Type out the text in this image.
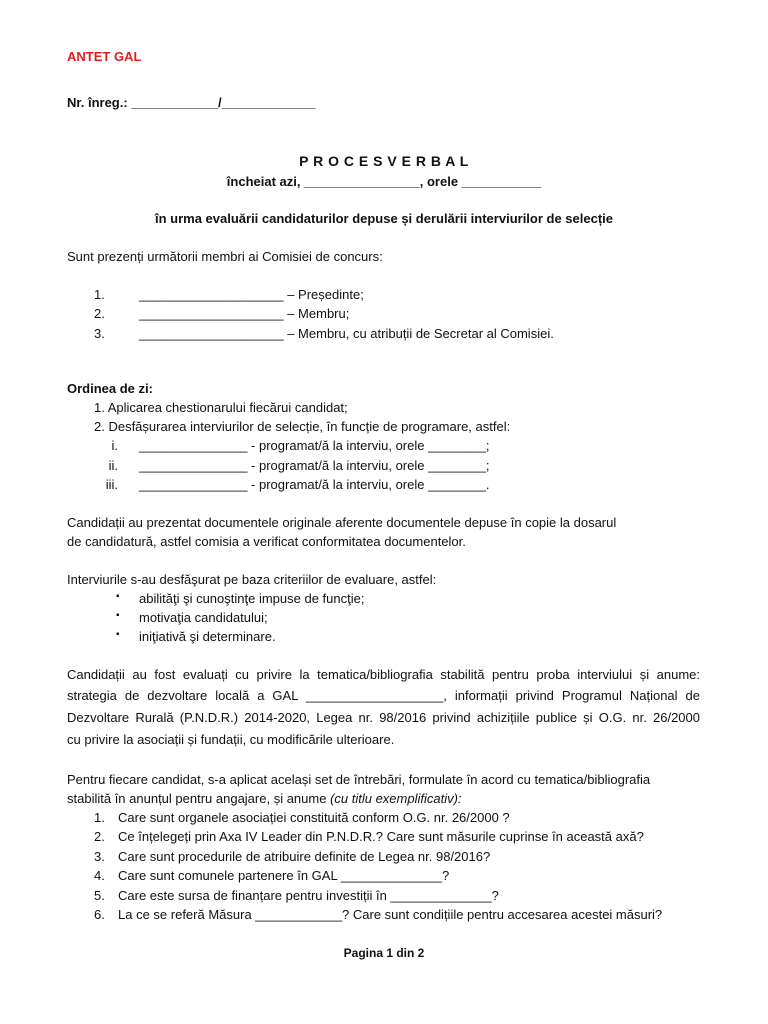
ANTET GAL
Nr. înreg.: ____________/_____________
P R O C E S V E R B A L
încheiat azi, ________________, orele ___________
în urma evaluării candidaturilor depuse și derulării interviurilor de selecție
Sunt prezenți următorii membri ai Comisiei de concurs:
1.	____________________ – Președinte;
2.	____________________ – Membru;
3.	____________________ – Membru, cu atribuții de Secretar al Comisiei.
Ordinea de zi:
1. Aplicarea chestionarului fiecărui candidat;
2. Desfășurarea interviurilor de selecție, în funcție de programare, astfel:
i. _______________ - programat/ă la interviu, orele ________;
ii. _______________ - programat/ă la interviu, orele ________;
iii. _______________ - programat/ă la interviu, orele ________.
Candidații au prezentat documentele originale aferente documentele depuse în copie la dosarul
de candidatură, astfel comisia a verificat conformitatea documentelor.
Interviurile s-au desfăşurat pe baza criteriilor de evaluare, astfel:
▪ abilităţi şi cunoştinţe impuse de funcţie;
▪ motivaţia candidatului;
▪ iniţiativă şi determinare.
Candidații au fost evaluați cu privire la tematica/bibliografia stabilită pentru proba interviului și anume:
strategia de dezvoltare locală a GAL ___________________, informații privind Programul Național de
Dezvoltare Rurală (P.N.D.R.) 2014-2020, Legea nr. 98/2016 privind achizițiile publice și O.G. nr. 26/2000
cu privire la asociații și fundații, cu modificările ulterioare.
Pentru fiecare candidat, s-a aplicat același set de întrebări, formulate în acord cu tematica/bibliografia
stabilită în anunțul pentru angajare, și anume (cu titlu exemplificativ):
1. Care sunt organele asociației constituită conform O.G. nr. 26/2000 ?
2. Ce înțelegeți prin Axa IV Leader din P.N.D.R.? Care sunt măsurile cuprinse în această axă?
3. Care sunt procedurile de atribuire definite de Legea nr. 98/2016?
4. Care sunt comunele partenere în GAL ______________?
5. Care este sursa de finanțare pentru investiții în ______________?
6. La ce se referă Măsura ____________? Care sunt condițiile pentru accesarea acestei măsuri?
Pagina 1 din 2
